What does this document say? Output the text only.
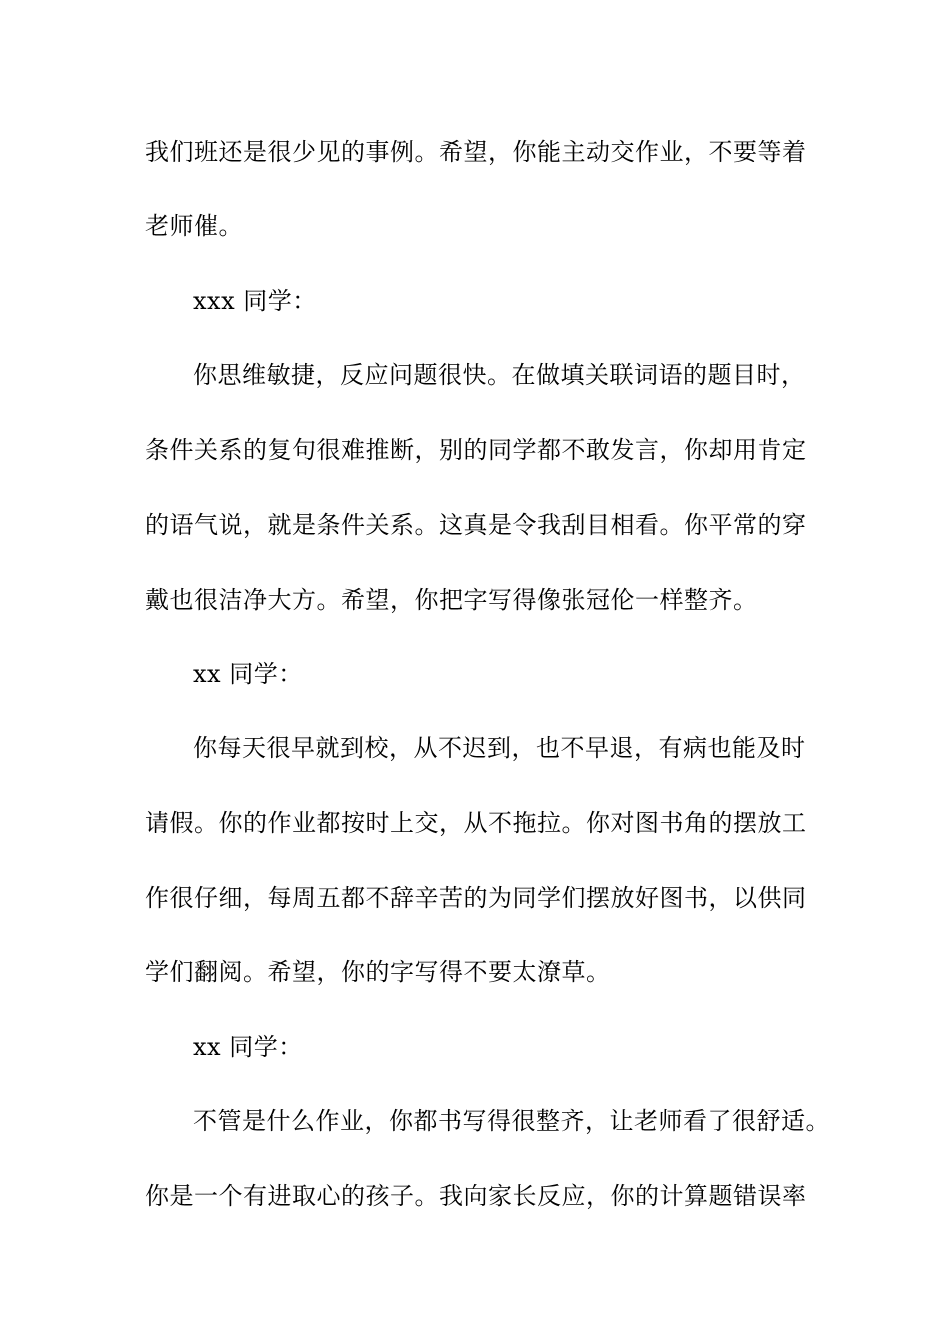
我们班还是很少见的事例。希望，你能主动交作业，不要等着
老师催。
xxx 同学：
你思维敏捷，反应问题很快。在做填关联词语的题目时，
条件关系的复句很难推断，别的同学都不敢发言，你却用肯定
的语气说，就是条件关系。这真是令我刮目相看。你平常的穿
戴也很洁净大方。希望，你把字写得像张冠伦一样整齐。
xx 同学：
你每天很早就到校，从不迟到，也不早退，有病也能及时
请假。你的作业都按时上交，从不拖拉。你对图书角的摆放工
作很仔细，每周五都不辞辛苦的为同学们摆放好图书，以供同
学们翻阅。希望，你的字写得不要太潦草。
xx 同学：
不管是什么作业，你都书写得很整齐，让老师看了很舒适。
你是一个有进取心的孩子。我向家长反应，你的计算题错误率
